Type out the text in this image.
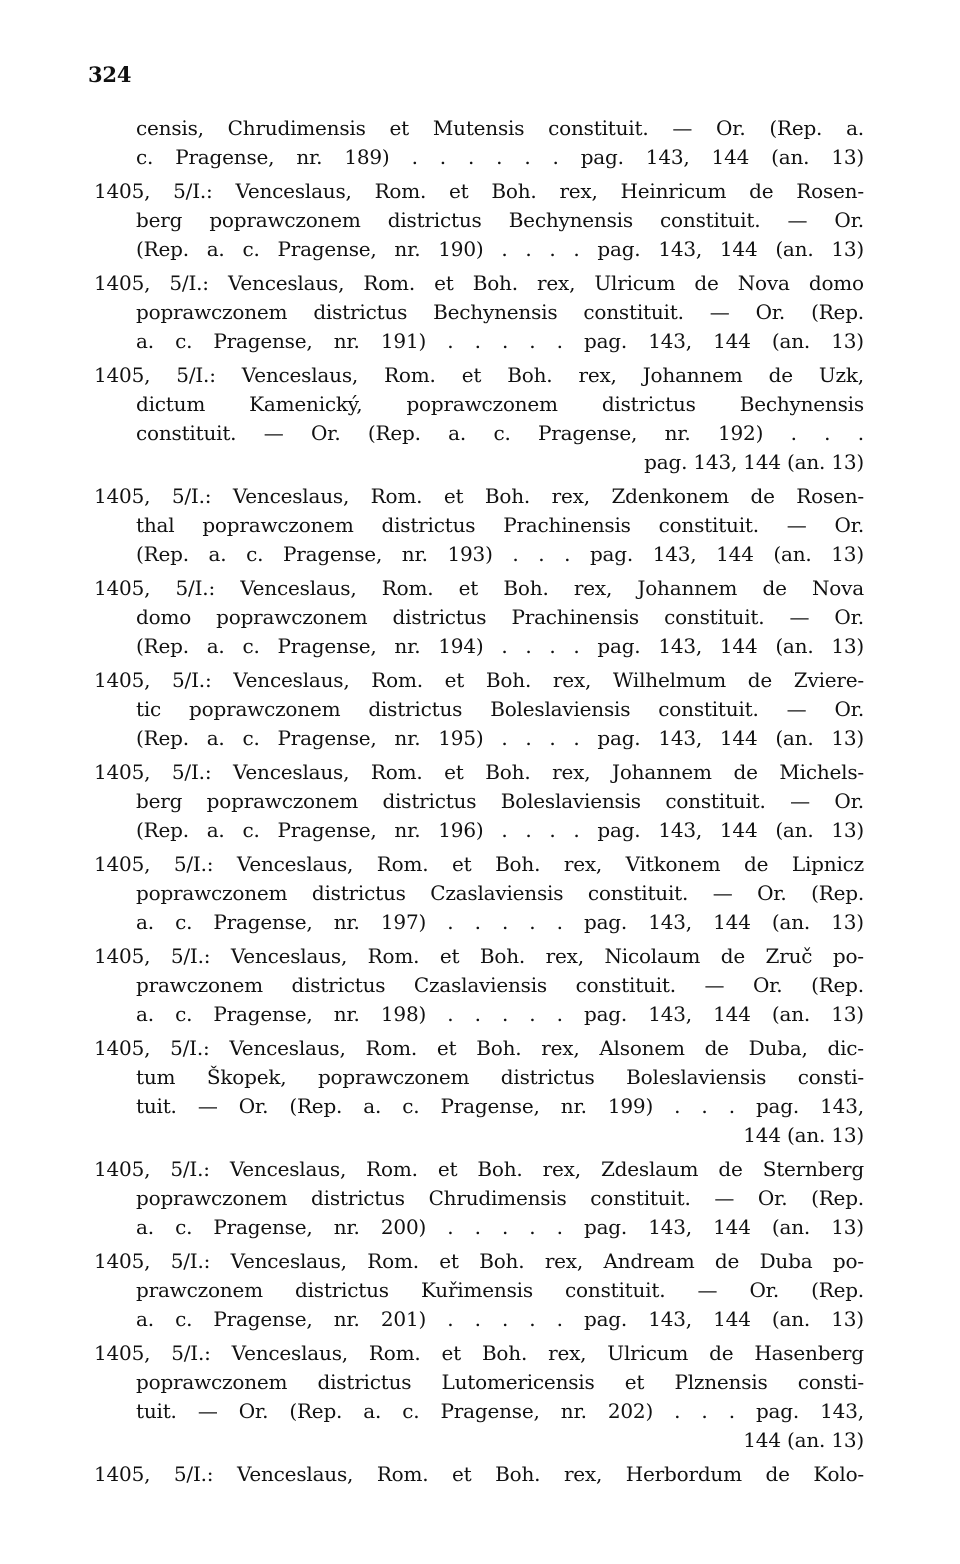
324
censis, Chrudimensis et Mutensis constituit. — Or. (Rep. a.
c. Pragense, nr. 189) . . . . . . pag. 143, 144 (an. 13)
1405, 5/I.: Venceslaus, Rom. et Boh. rex, Heinricum de Rosen-
berg poprawczonem districtus Bechynensis constituit. — Or.
(Rep. a. c. Pragense, nr. 190) . . . . pag. 143, 144 (an. 13)
1405, 5/I.: Venceslaus, Rom. et Boh. rex, Ulricum de Nova domo
poprawczonem districtus Bechynensis constituit. — Or. (Rep.
a. c. Pragense, nr. 191) . . . . . pag. 143, 144 (an. 13)
1405, 5/I.: Venceslaus, Rom. et Boh. rex, Johannem de Uzk,
dictum Kamenický, poprawczonem districtus Bechynensis
constituit. — Or. (Rep. a. c. Pragense, nr. 192) . . .
pag. 143, 144 (an. 13)
1405, 5/I.: Venceslaus, Rom. et Boh. rex, Zdenkonem de Rosen-
thal poprawczonem districtus Prachinensis constituit. — Or.
(Rep. a. c. Pragense, nr. 193) . . . pag. 143, 144 (an. 13)
1405, 5/I.: Venceslaus, Rom. et Boh. rex, Johannem de Nova
domo poprawczonem districtus Prachinensis constituit. — Or.
(Rep. a. c. Pragense, nr. 194) . . . . pag. 143, 144 (an. 13)
1405, 5/I.: Venceslaus, Rom. et Boh. rex, Wilhelmum de Zviere-
tic poprawczonem districtus Boleslaviensis constituit. — Or.
(Rep. a. c. Pragense, nr. 195) . . . . pag. 143, 144 (an. 13)
1405, 5/I.: Venceslaus, Rom. et Boh. rex, Johannem de Michels-
berg poprawczonem districtus Boleslaviensis constituit. — Or.
(Rep. a. c. Pragense, nr. 196) . . . . pag. 143, 144 (an. 13)
1405, 5/I.: Venceslaus, Rom. et Boh. rex, Vitkonem de Lipnicz
poprawczonem districtus Czaslaviensis constituit. — Or. (Rep.
a. c. Pragense, nr. 197) . . . . . pag. 143, 144 (an. 13)
1405, 5/I.: Venceslaus, Rom. et Boh. rex, Nicolaum de Zruč po-
prawczonem districtus Czaslaviensis constituit. — Or. (Rep.
a. c. Pragense, nr. 198) . . . . . pag. 143, 144 (an. 13)
1405, 5/I.: Venceslaus, Rom. et Boh. rex, Alsonem de Duba, dic-
tum Škopek, poprawczonem districtus Boleslaviensis consti-
tuit. — Or. (Rep. a. c. Pragense, nr. 199) . . . pag. 143,
144 (an. 13)
1405, 5/I.: Venceslaus, Rom. et Boh. rex, Zdeslaum de Sternberg
poprawczonem districtus Chrudimensis constituit. — Or. (Rep.
a. c. Pragense, nr. 200) . . . . . pag. 143, 144 (an. 13)
1405, 5/I.: Venceslaus, Rom. et Boh. rex, Andream de Duba po-
prawczonem districtus Kuřimensis constituit. — Or. (Rep.
a. c. Pragense, nr. 201) . . . . . pag. 143, 144 (an. 13)
1405, 5/I.: Venceslaus, Rom. et Boh. rex, Ulricum de Hasenberg
poprawczonem districtus Lutomericensis et Plznensis consti-
tuit. — Or. (Rep. a. c. Pragense, nr. 202) . . . pag. 143,
144 (an. 13)
1405, 5/I.: Venceslaus, Rom. et Boh. rex, Herbordum de Kolo-
